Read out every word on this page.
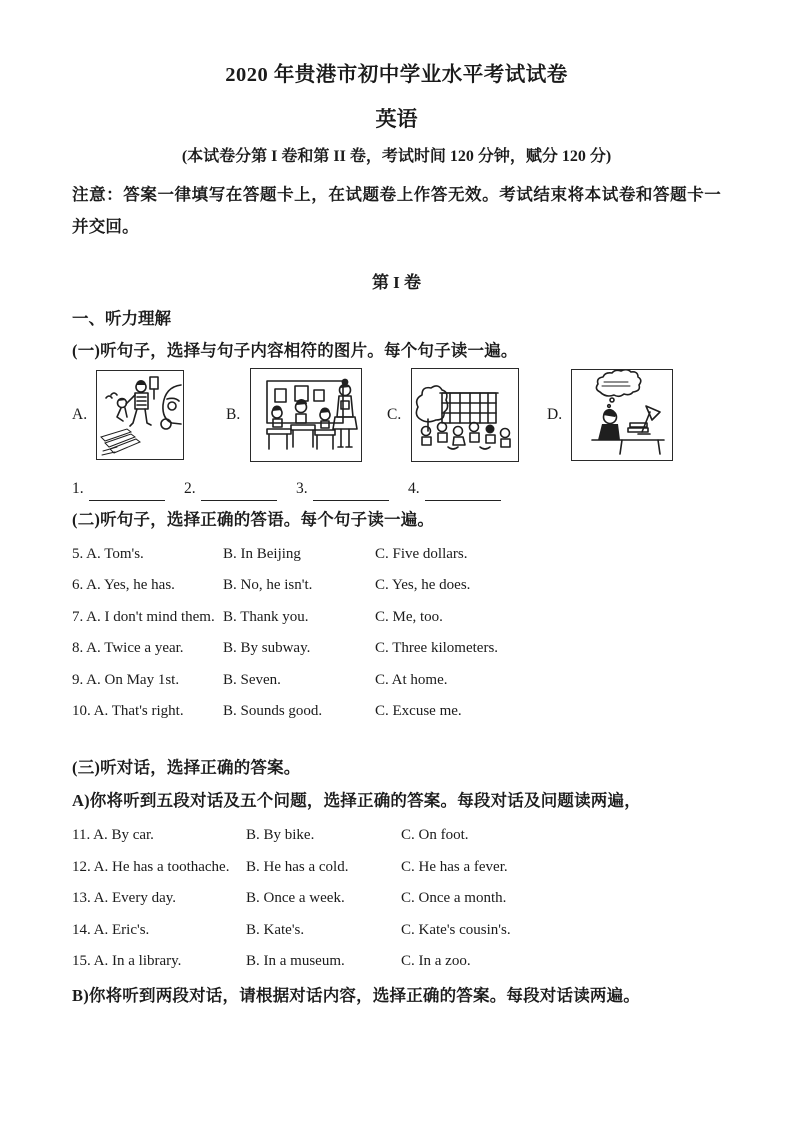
2020 年贵港市初中学业水平考试试卷
英语

(本试卷分第 I 卷和第 II 卷，考试时间 120 分钟，赋分 120 分)

注意：答案一律填写在答题卡上，在试题卷上作答无效。考试结束将本试卷和答题卡一并交回。

第 I 卷

一、听力理解

(一)听句子，选择与句子内容相符的图片。每个句子读一遍。

A.	B.	C.	D.
1.	2.	3.	4.

(二)听句子，选择正确的答语。每个句子读一遍。

5. A. Tom's.	B. In Beijing	C. Five dollars.
6. A. Yes, he has.	B. No, he isn't.	C. Yes, he does.
7. A. I don't mind them. B. Thank you.	C. Me, too.
8. A. Twice a year.	B. By subway.	C. Three kilometers.
9. A. On May 1st.	B. Seven.	C. At home.
10. A. That's right.	B. Sounds good.	C. Excuse me.

(三)听对话，选择正确的答案。

A)你将听到五段对话及五个问题，选择正确的答案。每段对话及问题读两遍，

11. A. By car.	B. By bike.	C. On foot.
12. A. He has a toothache.	B. He has a cold.	C. He has a fever.
13. A. Every day.	B. Once a week.	C. Once a month.
14. A. Eric's.	B. Kate's.	C. Kate's cousin's.
15. A. In a library.	B. In a museum.	C. In a zoo.

B)你将听到两段对话，请根据对话内容，选择正确的答案。每段对话读两遍。
